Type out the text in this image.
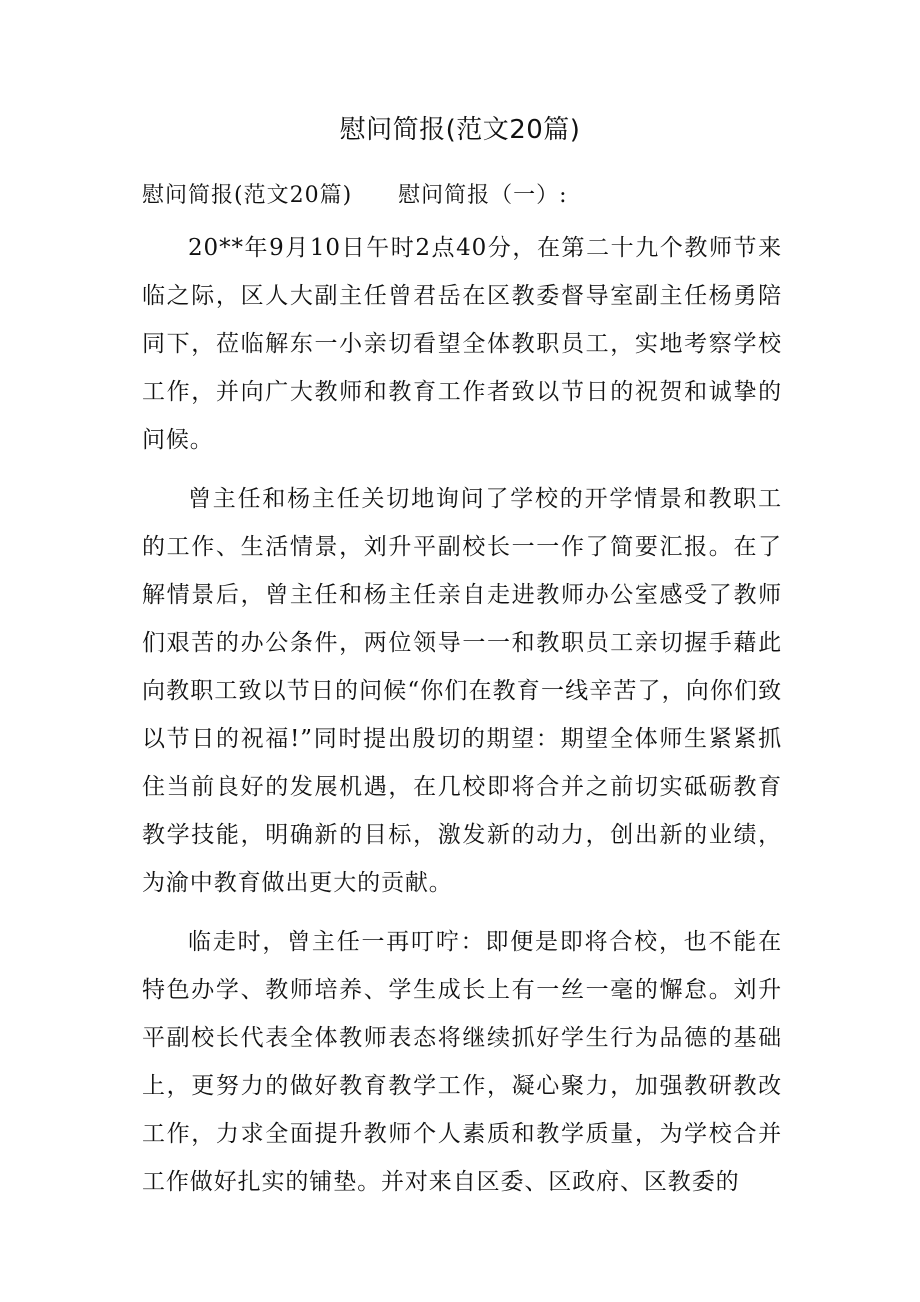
慰问简报(范文20篇)
慰问简报(范文20篇) 慰问简报（一）:

20**年9月10日午时2点40分，在第二十九个教师节来临之际，区人大副主任曾君岳在区教委督导室副主任杨勇陪同下，莅临解东一小亲切看望全体教职员工，实地考察学校工作，并向广大教师和教育工作者致以节日的祝贺和诚挚的问候。

曾主任和杨主任关切地询问了学校的开学情景和教职工的工作、生活情景，刘升平副校长一一作了简要汇报。在了解情景后，曾主任和杨主任亲自走进教师办公室感受了教师们艰苦的办公条件，两位领导一一和教职员工亲切握手藉此向教职工致以节日的问候“你们在教育一线辛苦了，向你们致以节日的祝福!”同时提出殷切的期望：期望全体师生紧紧抓住当前良好的发展机遇，在几校即将合并之前切实砥砺教育教学技能，明确新的目标，激发新的动力，创出新的业绩，为渝中教育做出更大的贡献。

临走时，曾主任一再叮咛：即便是即将合校，也不能在特色办学、教师培养、学生成长上有一丝一毫的懈怠。刘升平副校长代表全体教师表态将继续抓好学生行为品德的基础上，更努力的做好教育教学工作，凝心聚力，加强教研教改工作，力求全面提升教师个人素质和教学质量，为学校合并工作做好扎实的铺垫。并对来自区委、区政府、区教委的
